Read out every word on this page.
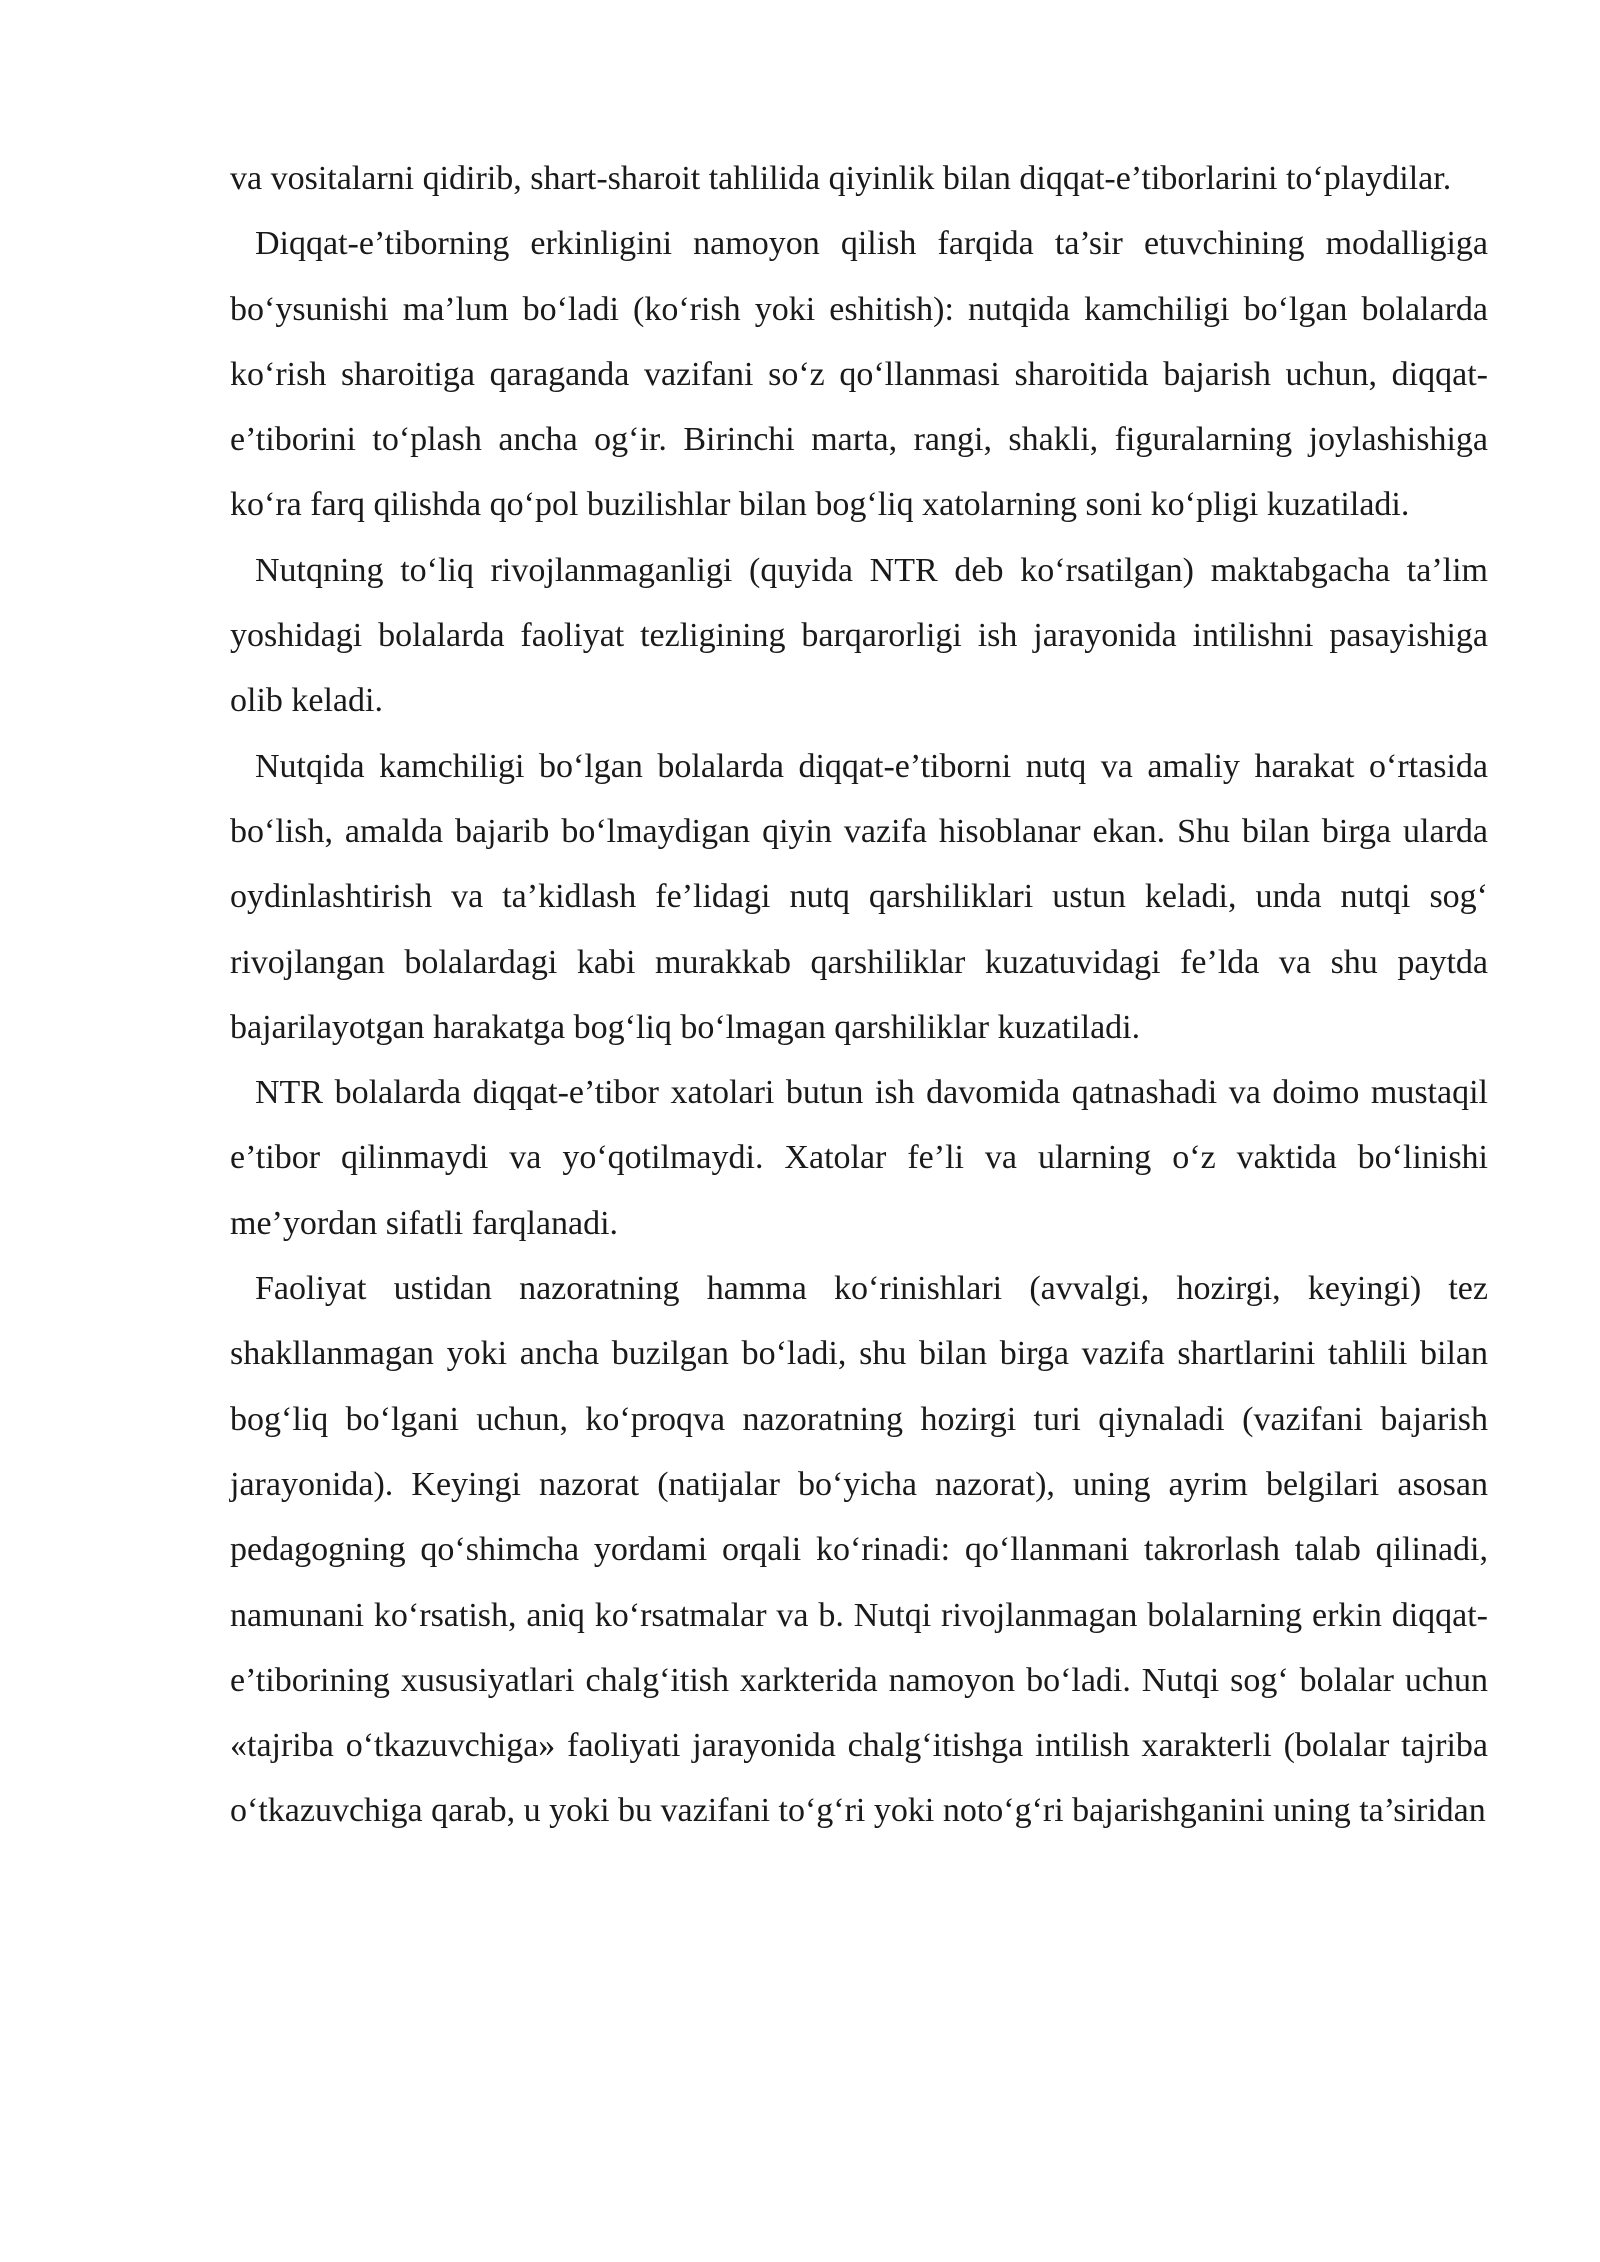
va vositalarni qidirib, shart-sharoit tahlilida qiyinlik bilan diqqat-e’tiborlarini to‘playdilar.

Diqqat-e’tiborning erkinligini namoyon qilish farqida ta’sir etuvchining modalligiga bo‘ysunishi ma’lum bo‘ladi (ko‘rish yoki eshitish): nutqida kamchiligi bo‘lgan bolalarda ko‘rish sharoitiga qaraganda vazifani so‘z qo‘llanmasi sharoitida bajarish uchun, diqqat-e’tiborini to‘plash ancha og‘ir. Birinchi marta, rangi, shakli, figuralarning joylashishiga ko‘ra farq qilishda qo‘pol buzilishlar bilan bog‘liq xatolarning soni ko‘pligi kuzatiladi.

Nutqning to‘liq rivojlanmaganligi (quyida NTR deb ko‘rsatilgan) maktabgacha ta’lim yoshidagi bolalarda faoliyat tezligining barqarorligi ish jarayonida intilishni pasayishiga olib keladi.

Nutqida kamchiligi bo‘lgan bolalarda diqqat-e’tiborni nutq va amaliy harakat o‘rtasida bo‘lish, amalda bajarib bo‘lmaydigan qiyin vazifa hisoblanar ekan. Shu bilan birga ularda oydinlashtirish va ta’kidlash fe’lidagi nutq qarshiliklari ustun keladi, unda nutqi sog‘ rivojlangan bolalardagi kabi murakkab qarshiliklar kuzatuvidagi fe’lda va shu paytda bajarilayotgan harakatga bog‘liq bo‘lmagan qarshiliklar kuzatiladi.

NTR bolalarda diqqat-e’tibor xatolari butun ish davomida qatnashadi va doimo mustaqil e’tibor qilinmaydi va yo‘qotilmaydi. Xatolar fe’li va ularning o‘z vaktida bo‘linishi me’yordan sifatli farqlanadi.

Faoliyat ustidan nazoratning hamma ko‘rinishlari (avvalgi, hozirgi, keyingi) tez shakllanmagan yoki ancha buzilgan bo‘ladi, shu bilan birga vazifa shartlarini tahlili bilan bog‘liq bo‘lgani uchun, ko‘proqva nazoratning hozirgi turi qiynaladi (vazifani bajarish jarayonida). Keyingi nazorat (natijalar bo‘yicha nazorat), uning ayrim belgilari asosan pedagogning qo‘shimcha yordami orqali ko‘rinadi: qo‘llanmani takrorlash talab qilinadi, namunani ko‘rsatish, aniq ko‘rsatmalar va b. Nutqi rivojlanmagan bolalarning erkin diqqat-e’tiborining xususiyatlari chalg‘itish xarkterida namoyon bo‘ladi. Nutqi sog‘ bolalar uchun «tajriba o‘tkazuvchiga» faoliyati jarayonida chalg‘itishga intilish xarakterli (bolalar tajriba o‘tkazuvchiga qarab, u yoki bu vazifani to‘g‘ri yoki noto‘g‘ri bajarishganini uning ta’siridan
